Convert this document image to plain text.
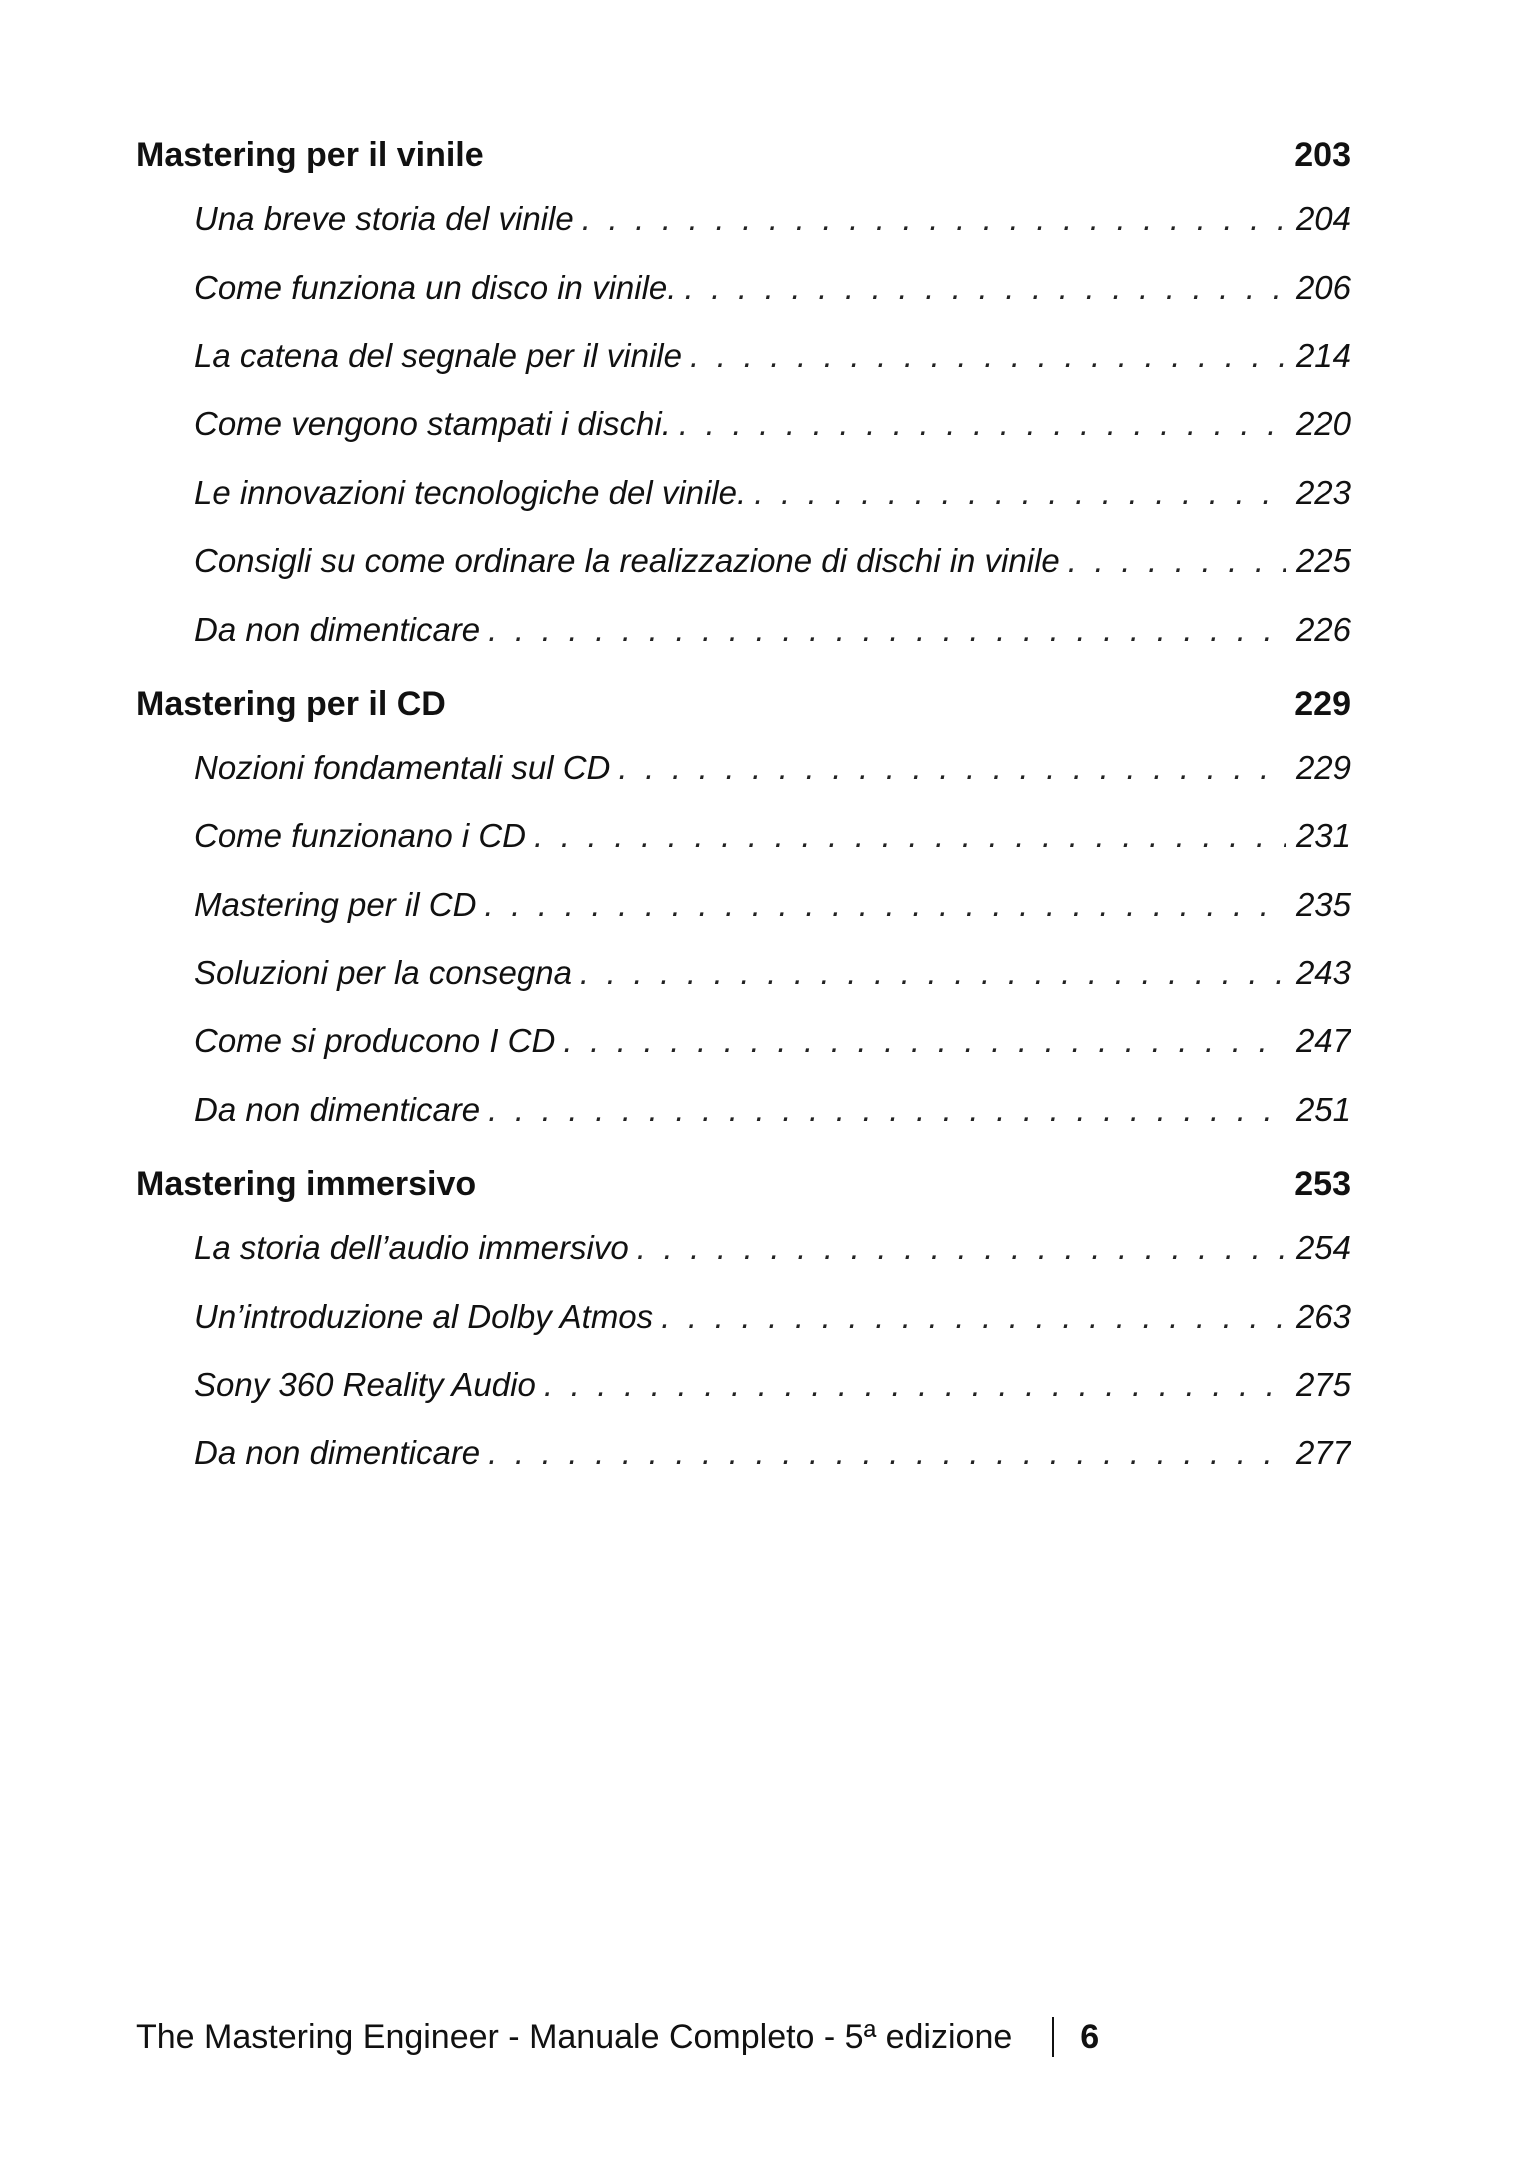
Mastering per il vinile	203
Una breve storia del vinile . . .	204
Come funziona un disco in vinile. . . .	206
La catena del segnale per il vinile . . .	214
Come vengono stampati i dischi. . . .	220
Le innovazioni tecnologiche del vinile. . . .	223
Consigli su come ordinare la realizzazione di dischi in vinile . . .	225
Da non dimenticare . . .	226
Mastering per il CD	229
Nozioni fondamentali sul CD . . .	229
Come funzionano i CD . . .	231
Mastering per il CD . . .	235
Soluzioni per la consegna . . .	243
Come si producono I CD . . .	247
Da non dimenticare . . .	251
Mastering immersivo	253
La storia dell’audio immersivo . . .	254
Un’introduzione al Dolby Atmos . . .	263
Sony 360 Reality Audio . . .	275
Da non dimenticare . . .	277
The Mastering Engineer - Manuale Completo - 5ª edizione 6
